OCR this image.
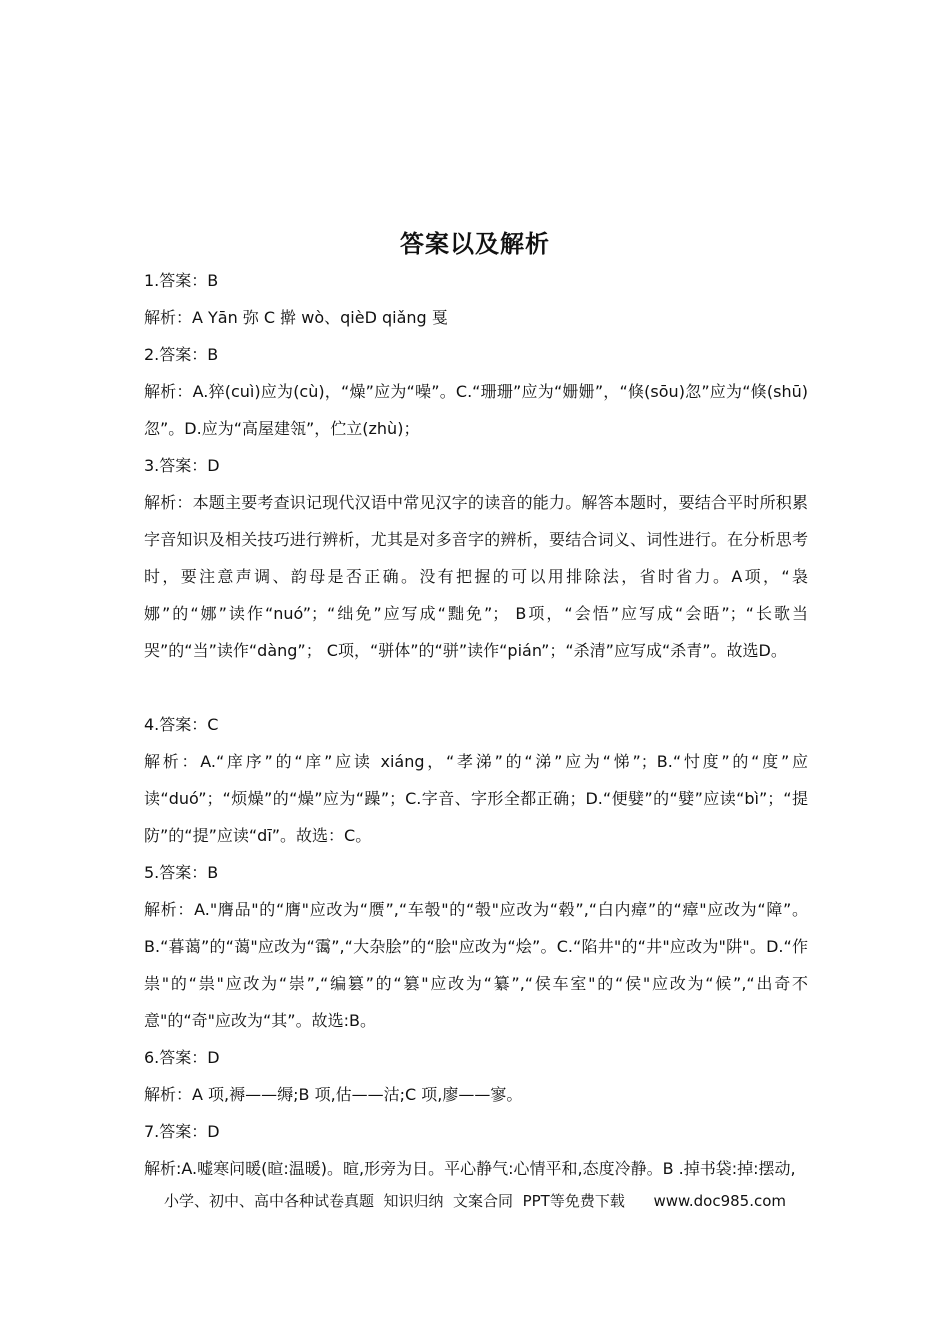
答案以及解析
1.答案：B
解析：A Yān 弥 C 擀 wò、qièD qiǎng 戛
2.答案：B
解析：A.猝(cuì)应为(cù)，“燥”应为“噪”。C.“珊珊”应为“姗姗”，“倏(sōu)忽”应为“倏(shū)忽”。D.应为“高屋建瓴”，伫立(zhù)；
3.答案：D
解析：本题主要考查识记现代汉语中常见汉字的读音的能力。解答本题时，要结合平时所积累字音知识及相关技巧进行辨析，尤其是对多音字的辨析，要结合词义、词性进行。在分析思考时，要注意声调、韵母是否正确。没有把握的可以用排除法，省时省力。A项，“袅娜”的“娜”读作“nuó”；“绌免”应写成“黜免”； B项，“会悟”应写成“会晤”；“长歌当哭”的“当”读作“dàng”； C项，“骈体”的“骈”读作“pián”；“杀清”应写成“杀青”。故选D。
4.答案：C
解析：A.“庠序”的“庠”应读 xiáng，“孝涕”的“涕”应为“悌”；B.“忖度”的“度”应读“duó”；“烦燥”的“燥”应为“躁”；C.字音、字形全都正确；D.“便嬖”的“嬖”应读“bì”；“提防”的“提”应读“dī”。故选：C。
5.答案：B
解析：A."膺品"的“膺"应改为“赝”,“车彀"的“彀"应改为“毂”,“白内瘴”的“瘴"应改为“障”。B.“暮蔼”的“蔼"应改为“霭”,“大杂脍”的“脍"应改为“烩”。C.“陷井"的“井"应改为"阱"。D.“作祟"的“祟"应改为“崇”,“编篡”的“篡"应改为“纂”,“侯车室"的“侯"应改为“候”,“出奇不意"的“奇"应改为“其”。故选:B。
6.答案：D
解析：A 项,褥——缛;B 项,估——沽;C 项,廖——寥。
7.答案：D
解析:A.嘘寒问暖(暄:温暖)。暄,形旁为日。平心静气:心情平和,态度冷静。B .掉书袋:掉:摆动,
小学、初中、高中各种试卷真题  知识归纳  文案合同  PPT等免费下载      www.doc985.com
